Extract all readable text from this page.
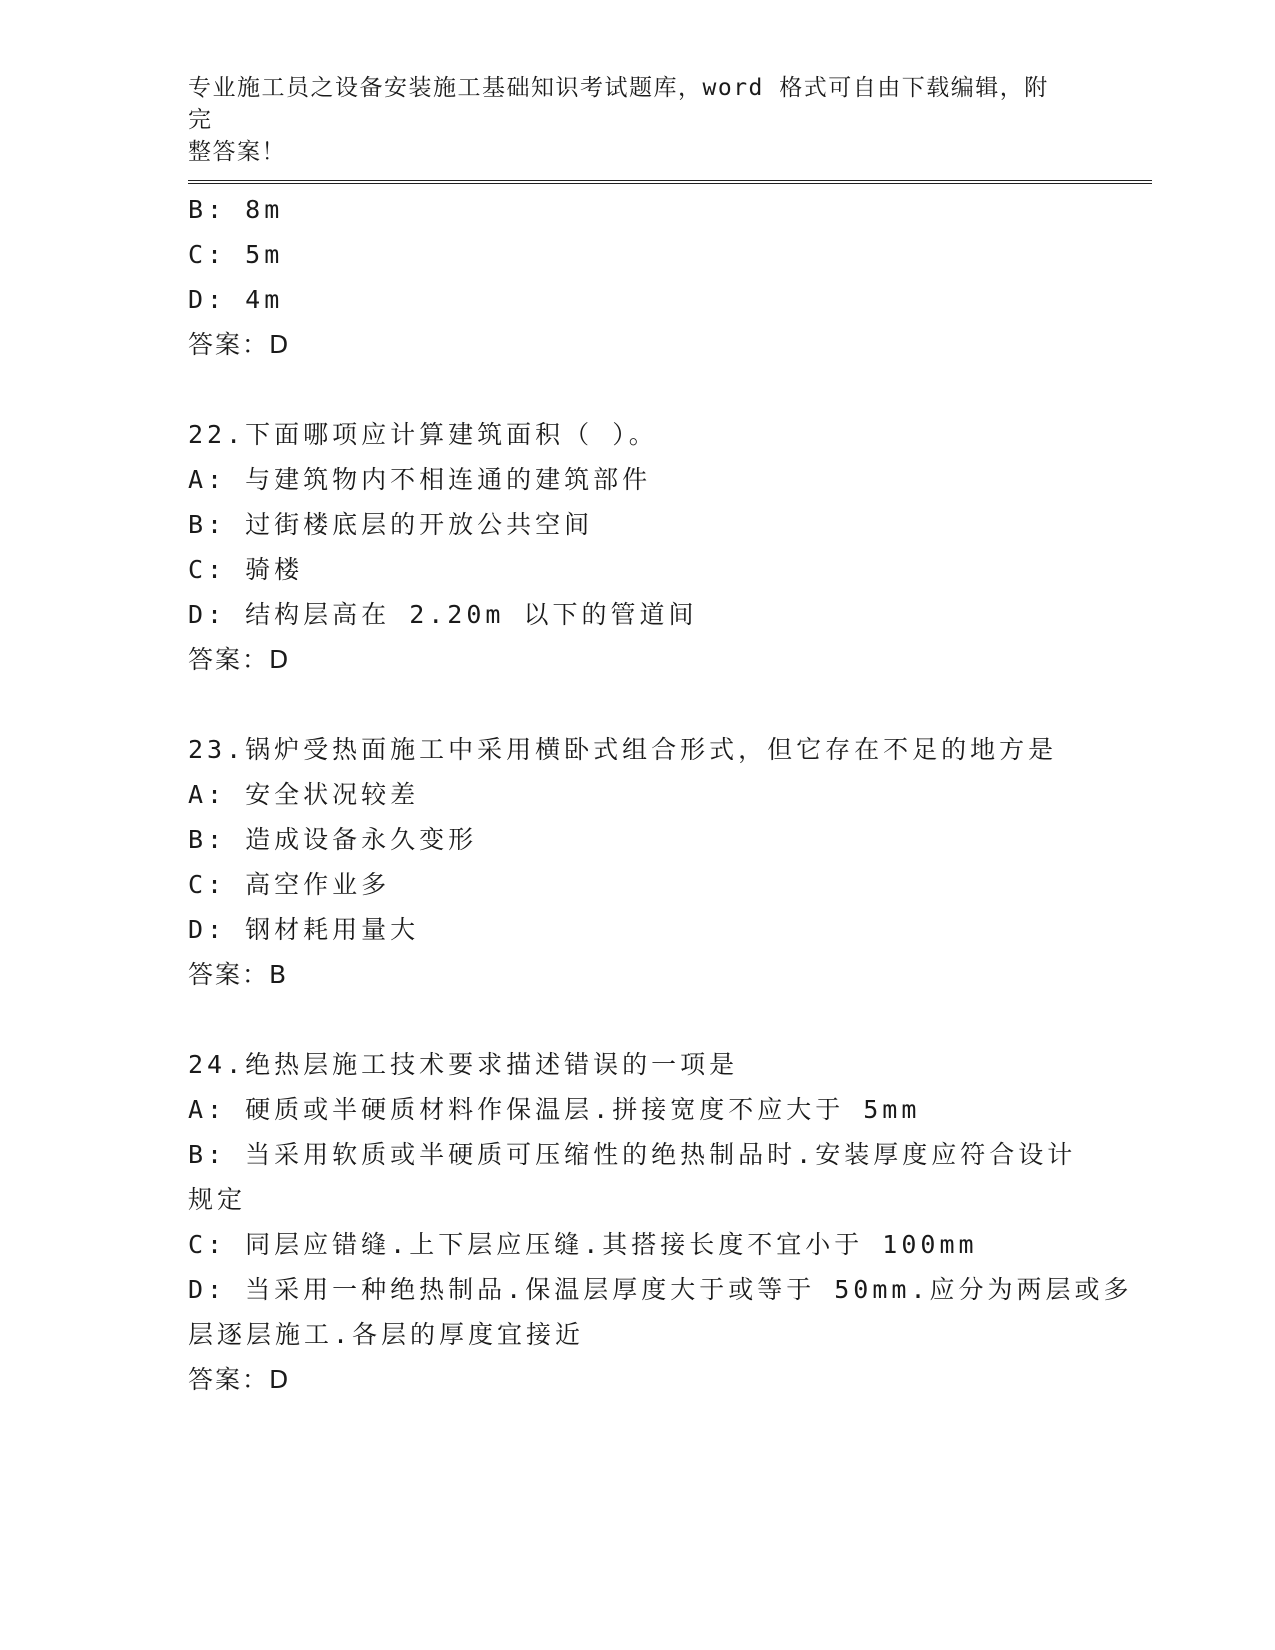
专业施工员之设备安装施工基础知识考试题库，word 格式可自由下载编辑，附完
整答案！
B: 8m
C: 5m
D: 4m
答案：D
22.下面哪项应计算建筑面积（ ）。
A: 与建筑物内不相连通的建筑部件
B: 过街楼底层的开放公共空间
C: 骑楼
D: 结构层高在 2.20m 以下的管道间
答案：D
23.锅炉受热面施工中采用横卧式组合形式，但它存在不足的地方是
A: 安全状况较差
B: 造成设备永久变形
C: 高空作业多
D: 钢材耗用量大
答案：B
24.绝热层施工技术要求描述错误的一项是
A: 硬质或半硬质材料作保温层.拼接宽度不应大于 5mm
B: 当采用软质或半硬质可压缩性的绝热制品时.安装厚度应符合设计
规定
C: 同层应错缝.上下层应压缝.其搭接长度不宜小于 100mm
D: 当采用一种绝热制品.保温层厚度大于或等于 50mm.应分为两层或多
层逐层施工.各层的厚度宜接近
答案：D
